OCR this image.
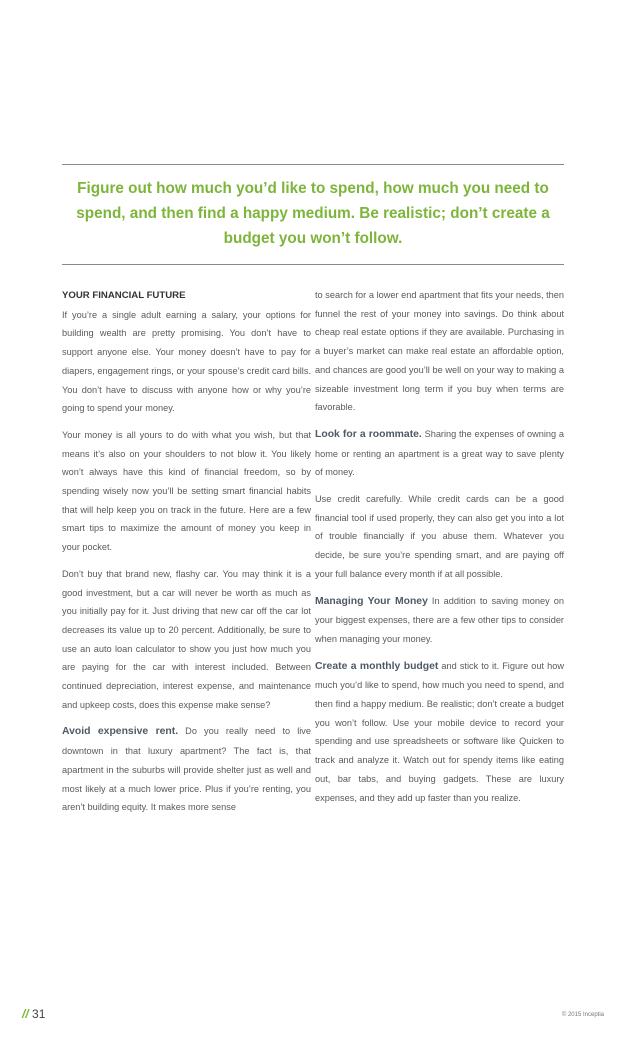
Figure out how much you’d like to spend, how much you need to spend, and then find a happy medium. Be realistic; don’t create a budget you won’t follow.

YOUR FINANCIAL FUTURE

If you’re a single adult earning a salary, your options for building wealth are pretty promising. You don’t have to support anyone else. Your money doesn’t have to pay for diapers, engagement rings, or your spouse’s credit card bills. You don’t have to discuss with anyone how or why you’re going to spend your money.

Your money is all yours to do with what you wish, but that means it’s also on your shoulders to not blow it. You likely won’t always have this kind of financial freedom, so by spending wisely now you’ll be setting smart financial habits that will help keep you on track in the future. Here are a few smart tips to maximize the amount of money you keep in your pocket.

Don’t buy that brand new, flashy car. You may think it is a good investment, but a car will never be worth as much as you initially pay for it. Just driving that new car off the car lot decreases its value up to 20 percent. Additionally, be sure to use an auto loan calculator to show you just how much you are paying for the car with interest included. Between continued depreciation, interest expense, and maintenance and upkeep costs, does this expense make sense?

Avoid expensive rent. Do you really need to live downtown in that luxury apartment? The fact is, that apartment in the suburbs will provide shelter just as well and most likely at a much lower price. Plus if you’re renting, you aren’t building equity. It makes more sense

to search for a lower end apartment that fits your needs, then funnel the rest of your money into savings. Do think about cheap real estate options if they are available. Purchasing in a buyer’s market can make real estate an affordable option, and chances are good you’ll be well on your way to making a sizeable investment long term if you buy when terms are favorable.

Look for a roommate. Sharing the expenses of owning a home or renting an apartment is a great way to save plenty of money.

Use credit carefully. While credit cards can be a good financial tool if used properly, they can also get you into a lot of trouble financially if you abuse them. Whatever you decide, be sure you’re spending smart, and are paying off your full balance every month if at all possible.

Managing Your Money In addition to saving money on your biggest expenses, there are a few other tips to consider when managing your money.

Create a monthly budget and stick to it. Figure out how much you’d like to spend, how much you need to spend, and then find a happy medium. Be realistic; don’t create a budget you won’t follow. Use your mobile device to record your spending and use spreadsheets or software like Quicken to track and analyze it. Watch out for spendy items like eating out, bar tabs, and buying gadgets. These are luxury expenses, and they add up faster than you realize.

// 31	© 2015 Inceptia
